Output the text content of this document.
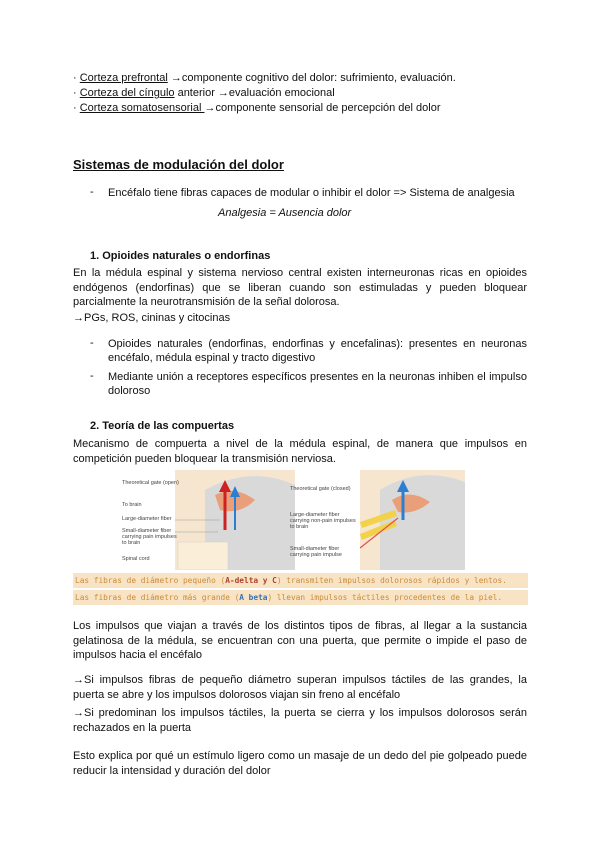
· Corteza prefrontal →componente cognitivo del dolor: sufrimiento, evaluación.
· Corteza del cíngulo anterior →evaluación emocional
· Corteza somatosensorial →componente sensorial de percepción del dolor
Sistemas de modulación del dolor
- Encéfalo tiene fibras capaces de modular o inhibir el dolor => Sistema de analgesia
Analgesia = Ausencia dolor
1. Opioides naturales o endorfinas
En la médula espinal y sistema nervioso central existen interneuronas ricas en opioides endógenos (endorfinas) que se liberan cuando son estimuladas y pueden bloquear parcialmente la neurotransmisión de la señal dolorosa.
→PGs, ROS, cininas y citocinas
- Opioides naturales (endorfinas, endorfinas y encefalinas): presentes en neuronas encéfalo, médula espinal y tracto digestivo
- Mediante unión a receptores específicos presentes en la neuronas inhiben el impulso doloroso
2. Teoría de las compuertas
Mecanismo de compuerta a nivel de la médula espinal, de manera que impulsos en competición pueden bloquear la transmisión nerviosa.
Theoretical gate (open)
To brain
Large-diameter fiber
Small-diameter fiber carrying pain impulses to brain
Spinal cord
Theoretical gate (closed)
Large-diameter fiber carrying non-pain impulses to brain
Small-diameter fiber carrying pain impulse
Las fibras de diámetro pequeño (A-delta y C) transmiten impulsos dolorosos rápidos y lentos.
Las fibras de diámetro más grande (A beta) llevan impulsos táctiles procedentes de la piel.
Los impulsos que viajan a través de los distintos tipos de fibras, al llegar a la sustancia gelatinosa de la médula, se encuentran con una puerta, que permite o impide el paso de impulsos hacia el encéfalo
→Si impulsos fibras de pequeño diámetro superan impulsos táctiles de las grandes, la puerta se abre y los impulsos dolorosos viajan sin freno al encéfalo
→Si predominan los impulsos táctiles, la puerta se cierra y los impulsos dolorosos serán rechazados en la puerta
Esto explica por qué un estímulo ligero como un masaje de un dedo del pie golpeado puede reducir la intensidad y duración del dolor
